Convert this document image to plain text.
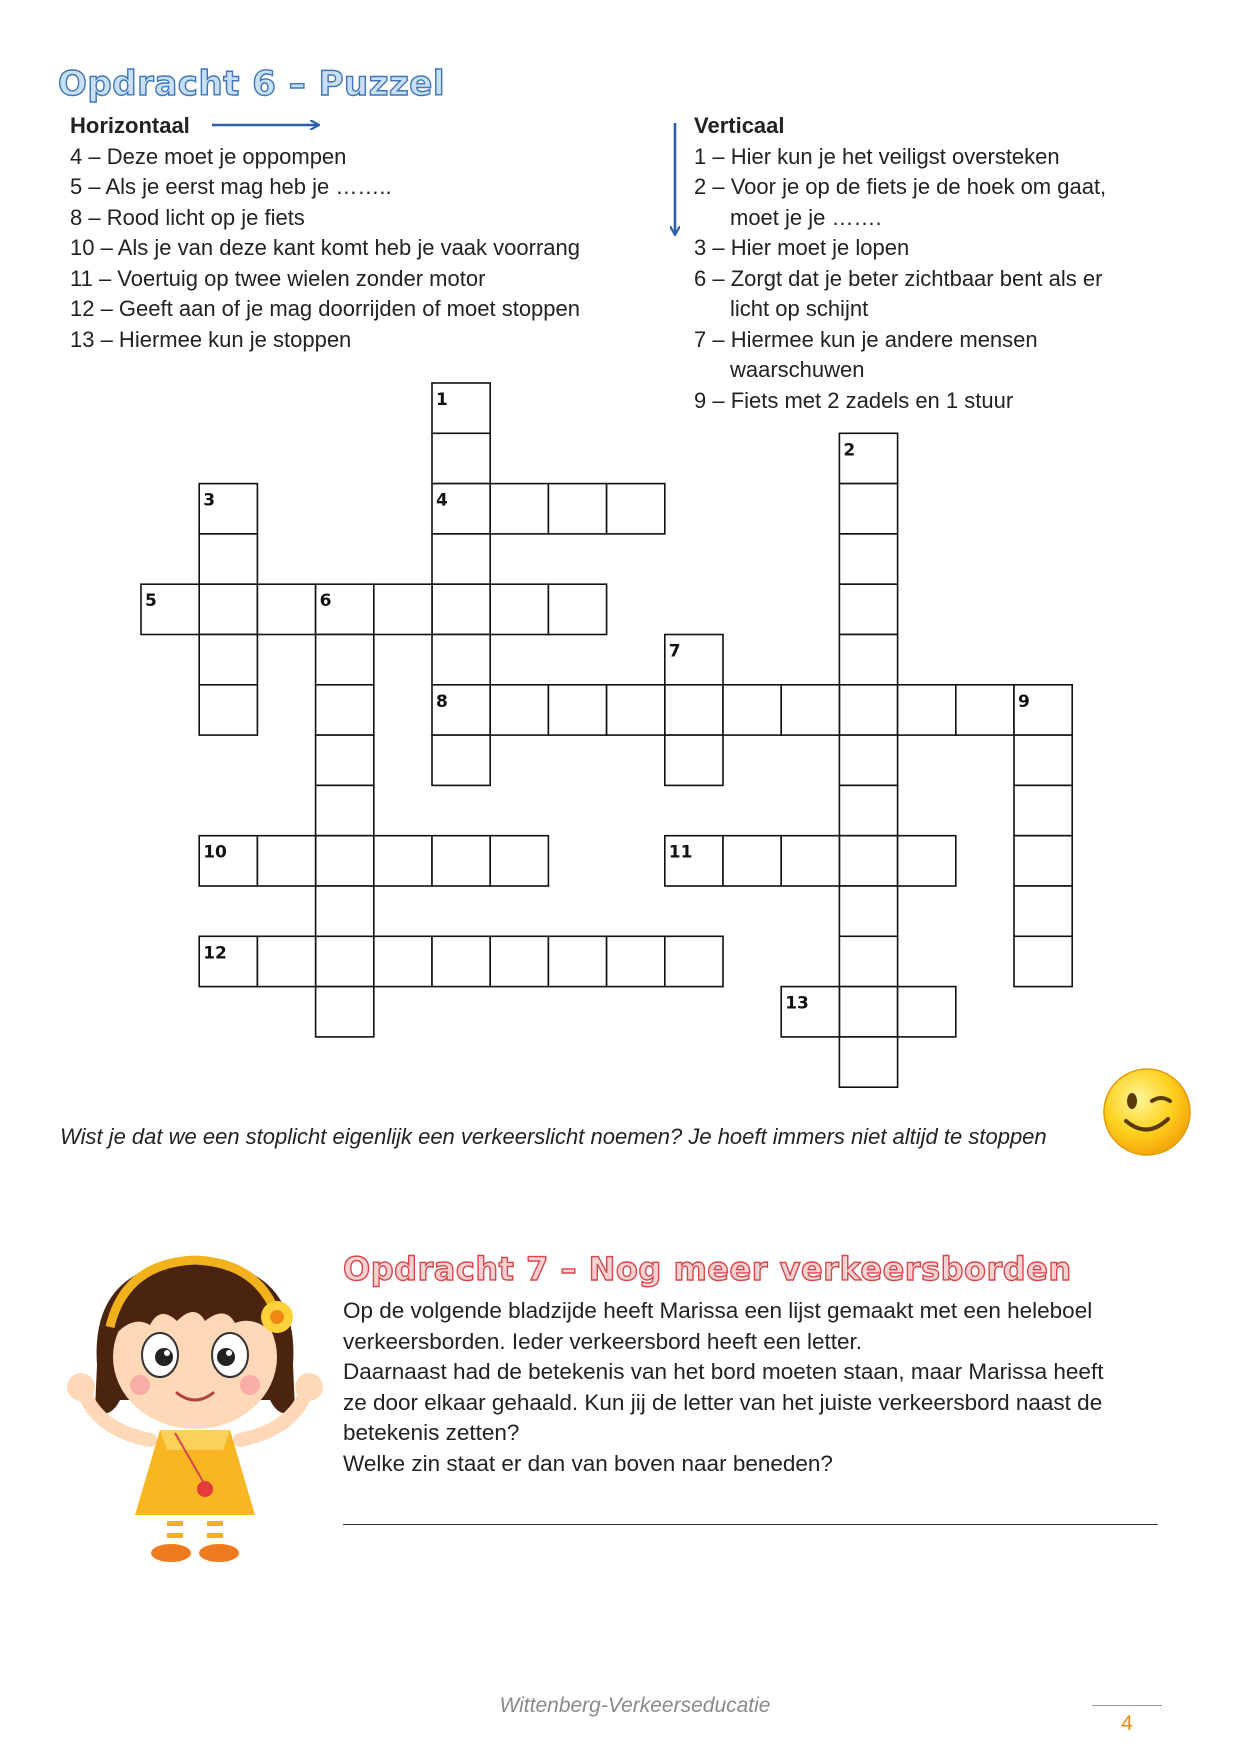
Opdracht 6 – Puzzel
Horizontaal
4 – Deze moet je oppompen
5 – Als je eerst mag heb je ……..
8 – Rood licht op je fiets
10 – Als je van deze kant komt heb je vaak voorrang
11 – Voertuig op twee wielen zonder motor
12 – Geeft aan of je mag doorrijden of moet stoppen
13 – Hiermee kun je stoppen
Verticaal
1 – Hier kun je het veiligst oversteken
2 – Voor je op de fiets je de hoek om gaat,
moet je je …….
3 – Hier moet je lopen
6 – Zorgt dat je beter zichtbaar bent als er
licht op schijnt
7 – Hiermee kun je andere mensen
waarschuwen
9 – Fiets met 2 zadels en 1 stuur
1
2
3	4
5	6
7
8	9
10	11
12
13

Wist je dat we een stoplicht eigenlijk een verkeerslicht noemen? Je hoeft immers niet altijd te stoppen

Opdracht 7 – Nog meer verkeersborden

Op de volgende bladzijde heeft Marissa een lijst gemaakt met een heleboel
verkeersborden. Ieder verkeersbord heeft een letter.
Daarnaast had de betekenis van het bord moeten staan, maar Marissa heeft
ze door elkaar gehaald. Kun jij de letter van het juiste verkeersbord naast de
betekenis zetten?
Welke zin staat er dan van boven naar beneden?

Wittenberg-Verkeerseducatie
4
